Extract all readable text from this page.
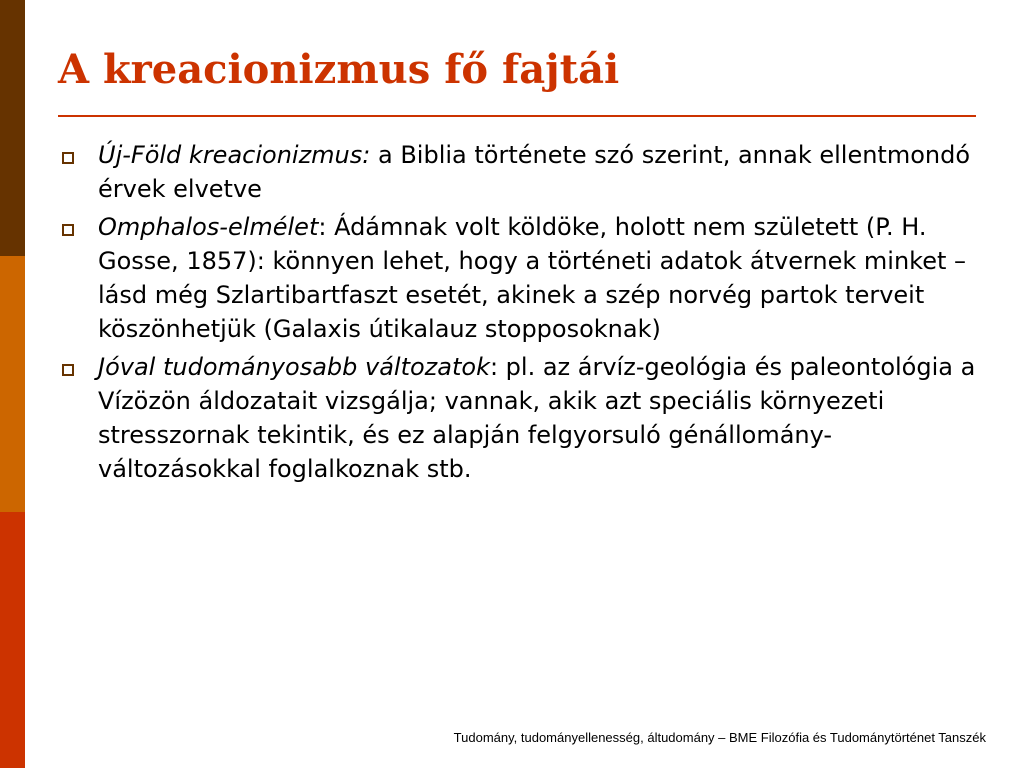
A kreacionizmus fő fajtái
Új-Föld kreacionizmus: a Biblia története szó szerint, annak ellentmondó érvek elvetve
Omphalos-elmélet: Ádámnak volt köldöke, holott nem született (P. H. Gosse, 1857): könnyen lehet, hogy a történeti adatok átvernek minket – lásd még Szlartibartfaszt esetét, akinek a szép norvég partok terveit köszönhetjük (Galaxis útikalauz stopposoknak)
Jóval tudományosabb változatok: pl. az árvíz-geológia és paleontológia a Vízözön áldozatait vizsgálja; vannak, akik azt speciális környezeti stresszornak tekintik, és ez alapján felgyorsuló génállomány-változásokkal foglalkoznak stb.
Tudomány, tudományellenesség, áltudomány – BME Filozófia és Tudománytörténet Tanszék
